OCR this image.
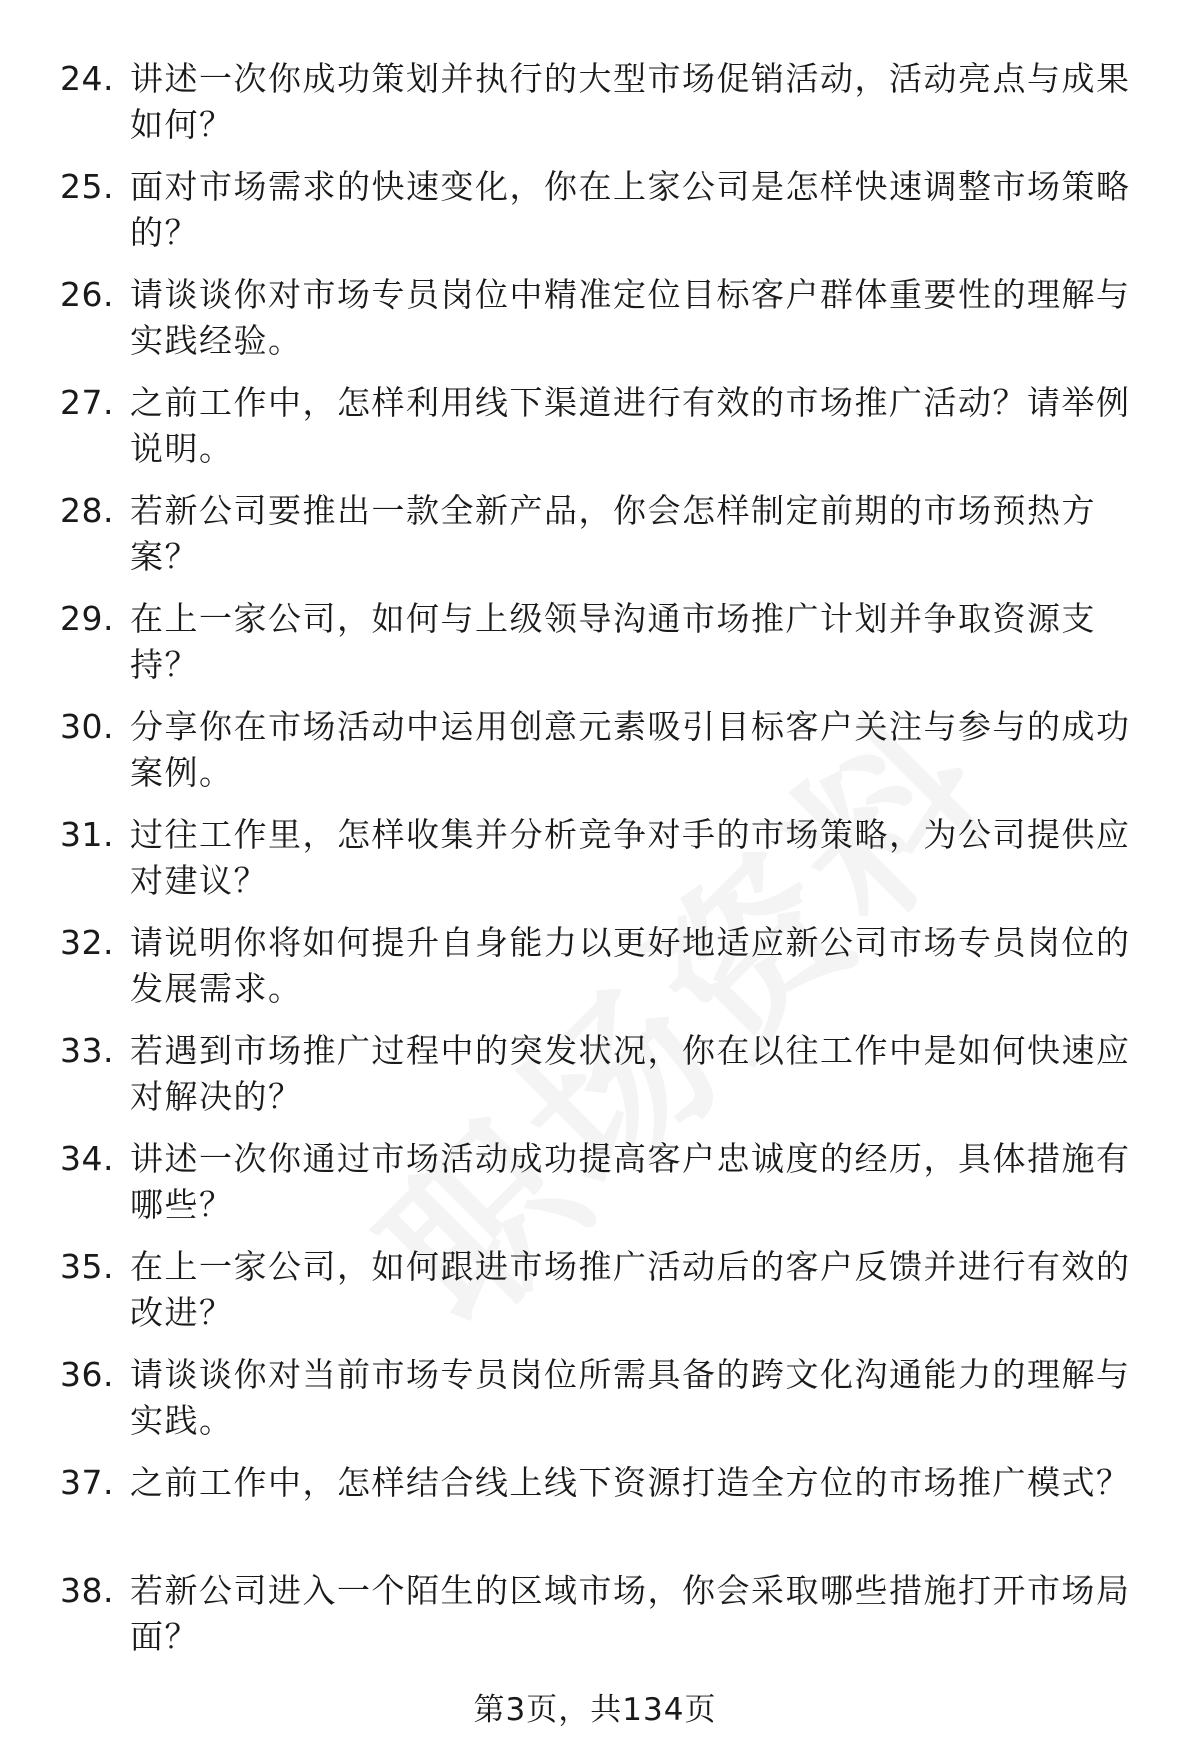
24. 讲述一次你成功策划并执行的大型市场促销活动，活动亮点与成果如何？
25. 面对市场需求的快速变化，你在上家公司是怎样快速调整市场策略的？
26. 请谈谈你对市场专员岗位中精准定位目标客户群体重要性的理解与实践经验。
27. 之前工作中，怎样利用线下渠道进行有效的市场推广活动？请举例说明。
28. 若新公司要推出一款全新产品，你会怎样制定前期的市场预热方案？
29. 在上一家公司，如何与上级领导沟通市场推广计划并争取资源支持？
30. 分享你在市场活动中运用创意元素吸引目标客户关注与参与的成功案例。
31. 过往工作里，怎样收集并分析竞争对手的市场策略，为公司提供应对建议？
32. 请说明你将如何提升自身能力以更好地适应新公司市场专员岗位的发展需求。
33. 若遇到市场推广过程中的突发状况，你在以往工作中是如何快速应对解决的？
34. 讲述一次你通过市场活动成功提高客户忠诚度的经历，具体措施有哪些？
35. 在上一家公司，如何跟进市场推广活动后的客户反馈并进行有效的改进？
36. 请谈谈你对当前市场专员岗位所需具备的跨文化沟通能力的理解与实践。
37. 之前工作中，怎样结合线上线下资源打造全方位的市场推广模式？
38. 若新公司进入一个陌生的区域市场，你会采取哪些措施打开市场局面？
第3页，共134页
